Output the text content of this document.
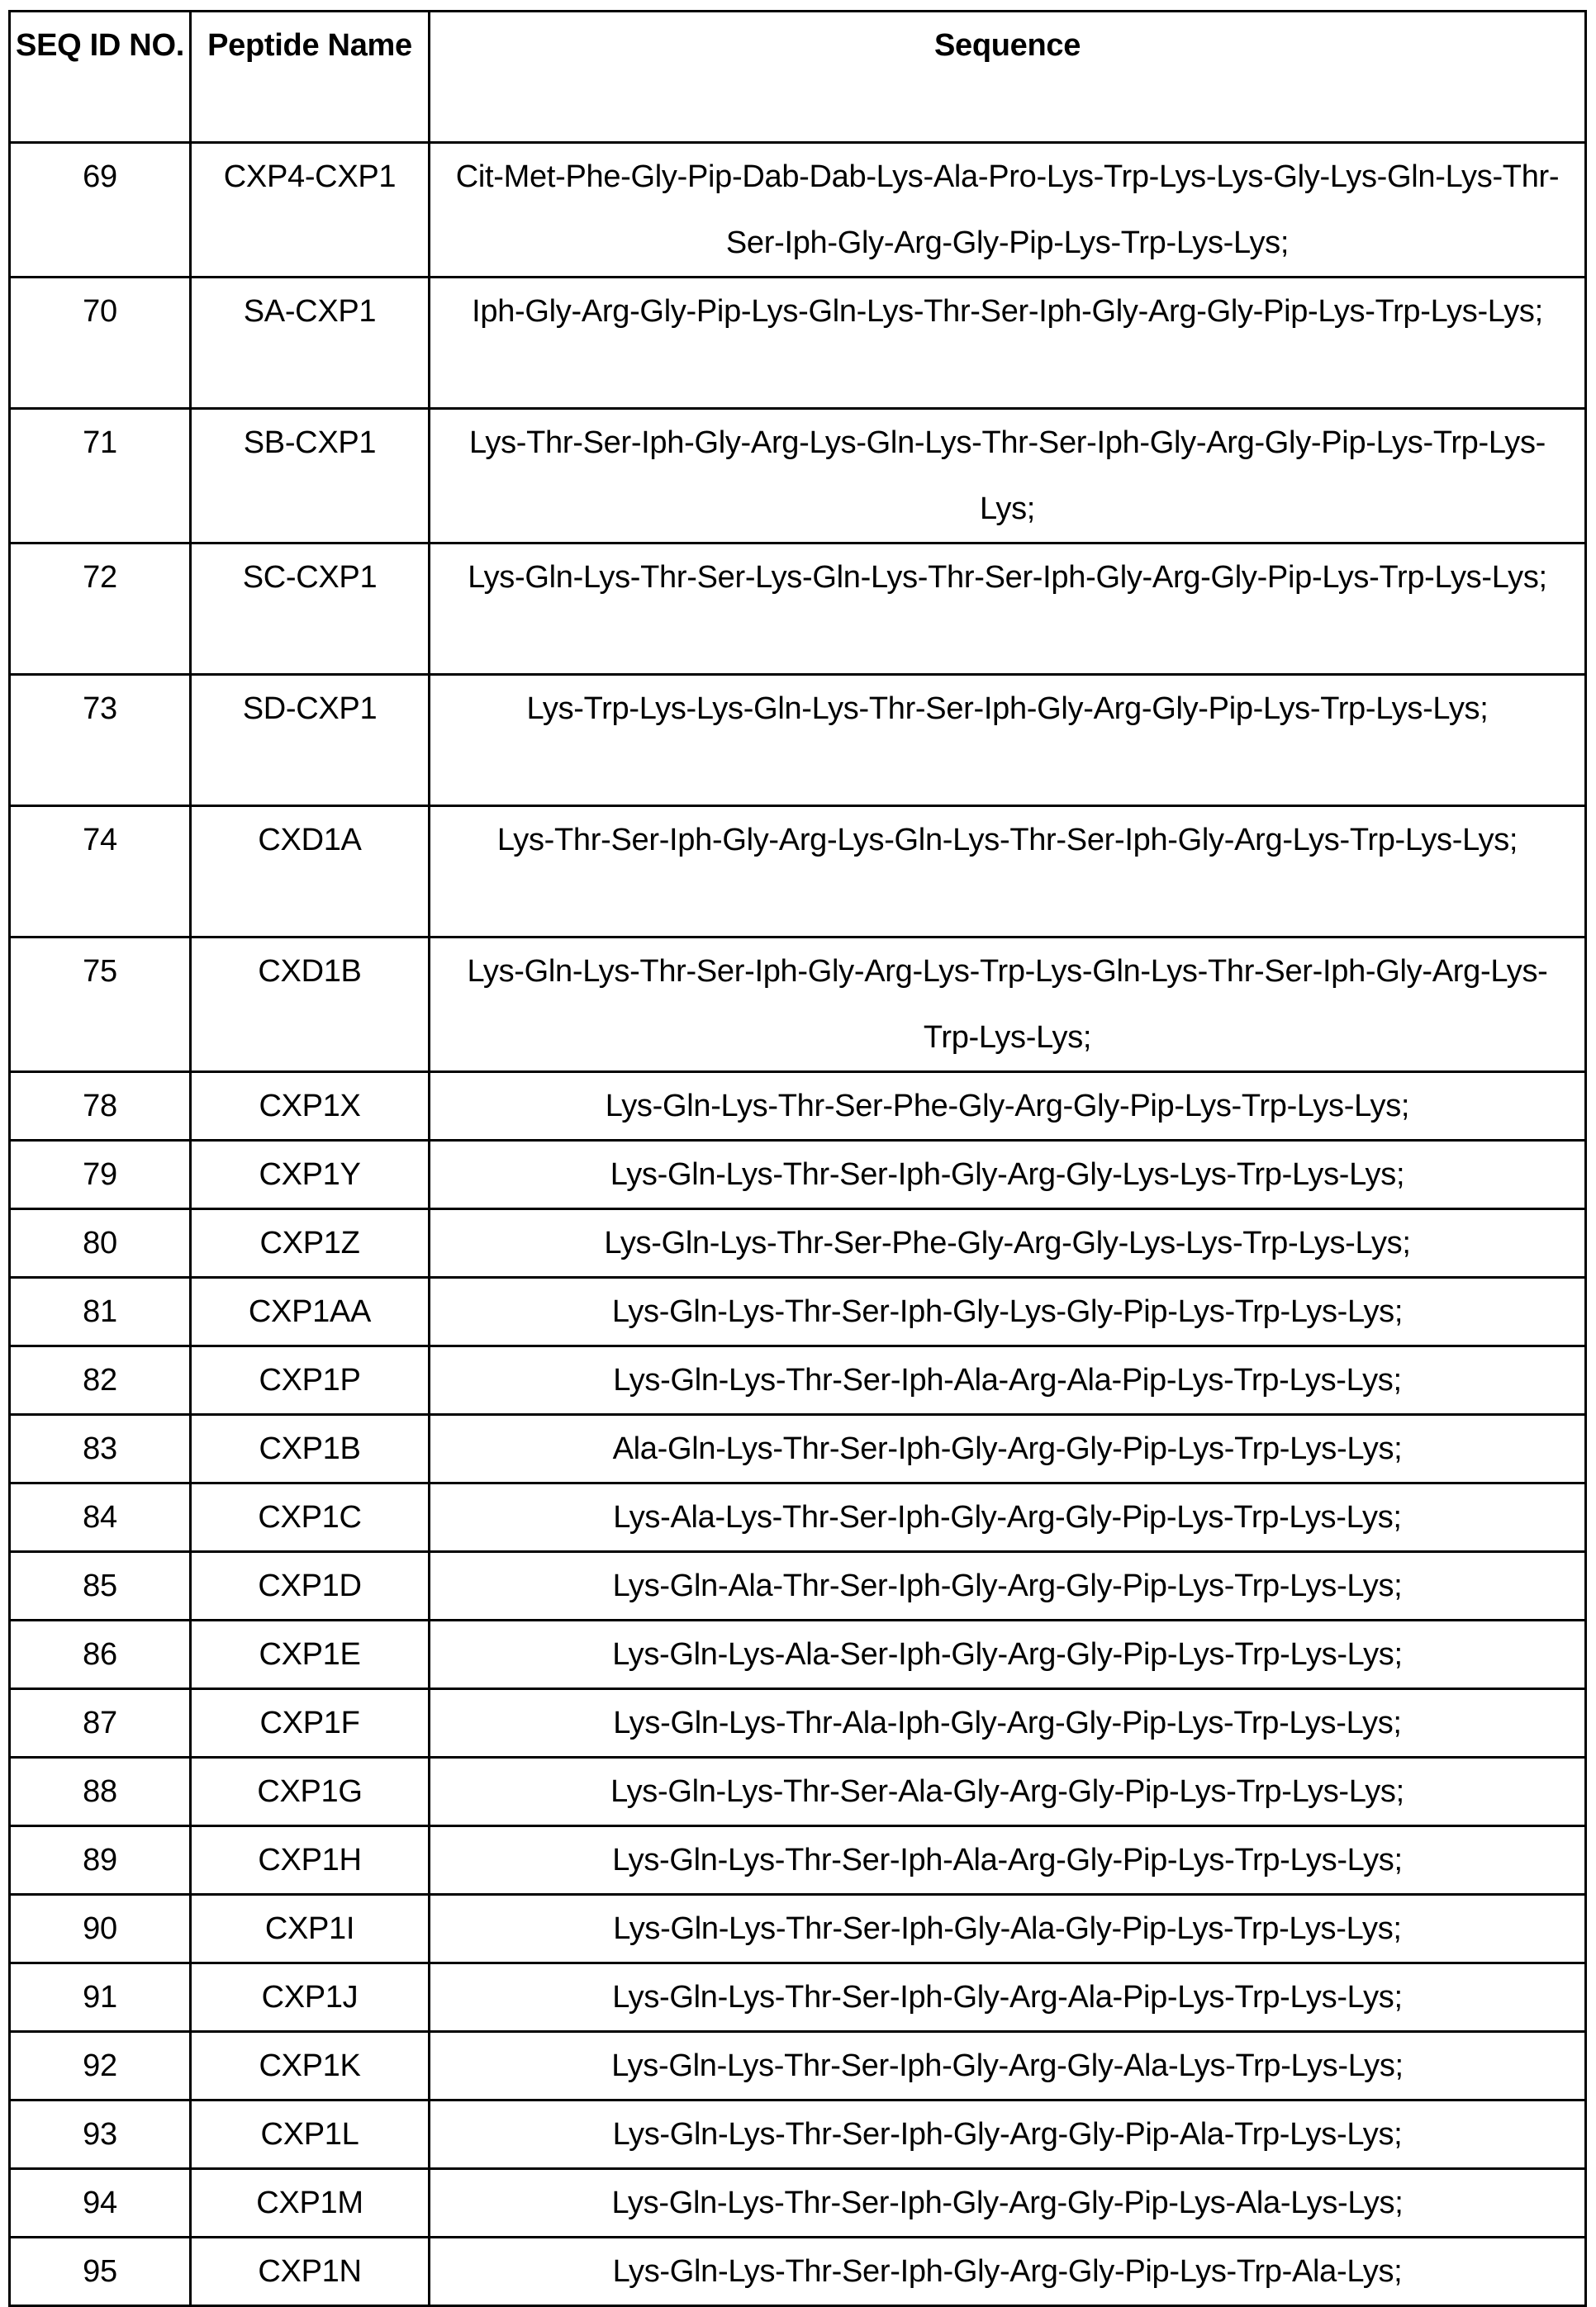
SEQ ID NO.	Peptide Name	Sequence
69	CXP4-CXP1	Cit-Met-Phe-Gly-Pip-Dab-Dab-Lys-Ala-Pro-Lys-Trp-Lys-Lys-Gly-Lys-Gln-Lys-Thr-Ser-Iph-Gly-Arg-Gly-Pip-Lys-Trp-Lys-Lys;

70	SA-CXP1	Iph-Gly-Arg-Gly-Pip-Lys-Gln-Lys-Thr-Ser-Iph-Gly-Arg-Gly-Pip-Lys-Trp-Lys-Lys;

71	SB-CXP1	Lys-Thr-Ser-Iph-Gly-Arg-Lys-Gln-Lys-Thr-Ser-Iph-Gly-Arg-Gly-Pip-Lys-Trp-Lys-Lys;

72	SC-CXP1	Lys-Gln-Lys-Thr-Ser-Lys-Gln-Lys-Thr-Ser-Iph-Gly-Arg-Gly-Pip-Lys-Trp-Lys-Lys;

73	SD-CXP1	Lys-Trp-Lys-Lys-Gln-Lys-Thr-Ser-Iph-Gly-Arg-Gly-Pip-Lys-Trp-Lys-Lys;

74	CXD1A	Lys-Thr-Ser-Iph-Gly-Arg-Lys-Gln-Lys-Thr-Ser-Iph-Gly-Arg-Lys-Trp-Lys-Lys;

75	CXD1B	Lys-Gln-Lys-Thr-Ser-Iph-Gly-Arg-Lys-Trp-Lys-Gln-Lys-Thr-Ser-Iph-Gly-Arg-Lys-Trp-Lys-Lys;

78	CXP1X	Lys-Gln-Lys-Thr-Ser-Phe-Gly-Arg-Gly-Pip-Lys-Trp-Lys-Lys;
79	CXP1Y	Lys-Gln-Lys-Thr-Ser-Iph-Gly-Arg-Gly-Lys-Lys-Trp-Lys-Lys;
80	CXP1Z	Lys-Gln-Lys-Thr-Ser-Phe-Gly-Arg-Gly-Lys-Lys-Trp-Lys-Lys;
81	CXP1AA	Lys-Gln-Lys-Thr-Ser-Iph-Gly-Lys-Gly-Pip-Lys-Trp-Lys-Lys;
82	CXP1P	Lys-Gln-Lys-Thr-Ser-Iph-Ala-Arg-Ala-Pip-Lys-Trp-Lys-Lys;
83	CXP1B	Ala-Gln-Lys-Thr-Ser-Iph-Gly-Arg-Gly-Pip-Lys-Trp-Lys-Lys;
84	CXP1C	Lys-Ala-Lys-Thr-Ser-Iph-Gly-Arg-Gly-Pip-Lys-Trp-Lys-Lys;
85	CXP1D	Lys-Gln-Ala-Thr-Ser-Iph-Gly-Arg-Gly-Pip-Lys-Trp-Lys-Lys;
86	CXP1E	Lys-Gln-Lys-Ala-Ser-Iph-Gly-Arg-Gly-Pip-Lys-Trp-Lys-Lys;
87	CXP1F	Lys-Gln-Lys-Thr-Ala-Iph-Gly-Arg-Gly-Pip-Lys-Trp-Lys-Lys;
88	CXP1G	Lys-Gln-Lys-Thr-Ser-Ala-Gly-Arg-Gly-Pip-Lys-Trp-Lys-Lys;
89	CXP1H	Lys-Gln-Lys-Thr-Ser-Iph-Ala-Arg-Gly-Pip-Lys-Trp-Lys-Lys;
90	CXP1I	Lys-Gln-Lys-Thr-Ser-Iph-Gly-Ala-Gly-Pip-Lys-Trp-Lys-Lys;
91	CXP1J	Lys-Gln-Lys-Thr-Ser-Iph-Gly-Arg-Ala-Pip-Lys-Trp-Lys-Lys;
92	CXP1K	Lys-Gln-Lys-Thr-Ser-Iph-Gly-Arg-Gly-Ala-Lys-Trp-Lys-Lys;
93	CXP1L	Lys-Gln-Lys-Thr-Ser-Iph-Gly-Arg-Gly-Pip-Ala-Trp-Lys-Lys;
94	CXP1M	Lys-Gln-Lys-Thr-Ser-Iph-Gly-Arg-Gly-Pip-Lys-Ala-Lys-Lys;
95	CXP1N	Lys-Gln-Lys-Thr-Ser-Iph-Gly-Arg-Gly-Pip-Lys-Trp-Ala-Lys;
